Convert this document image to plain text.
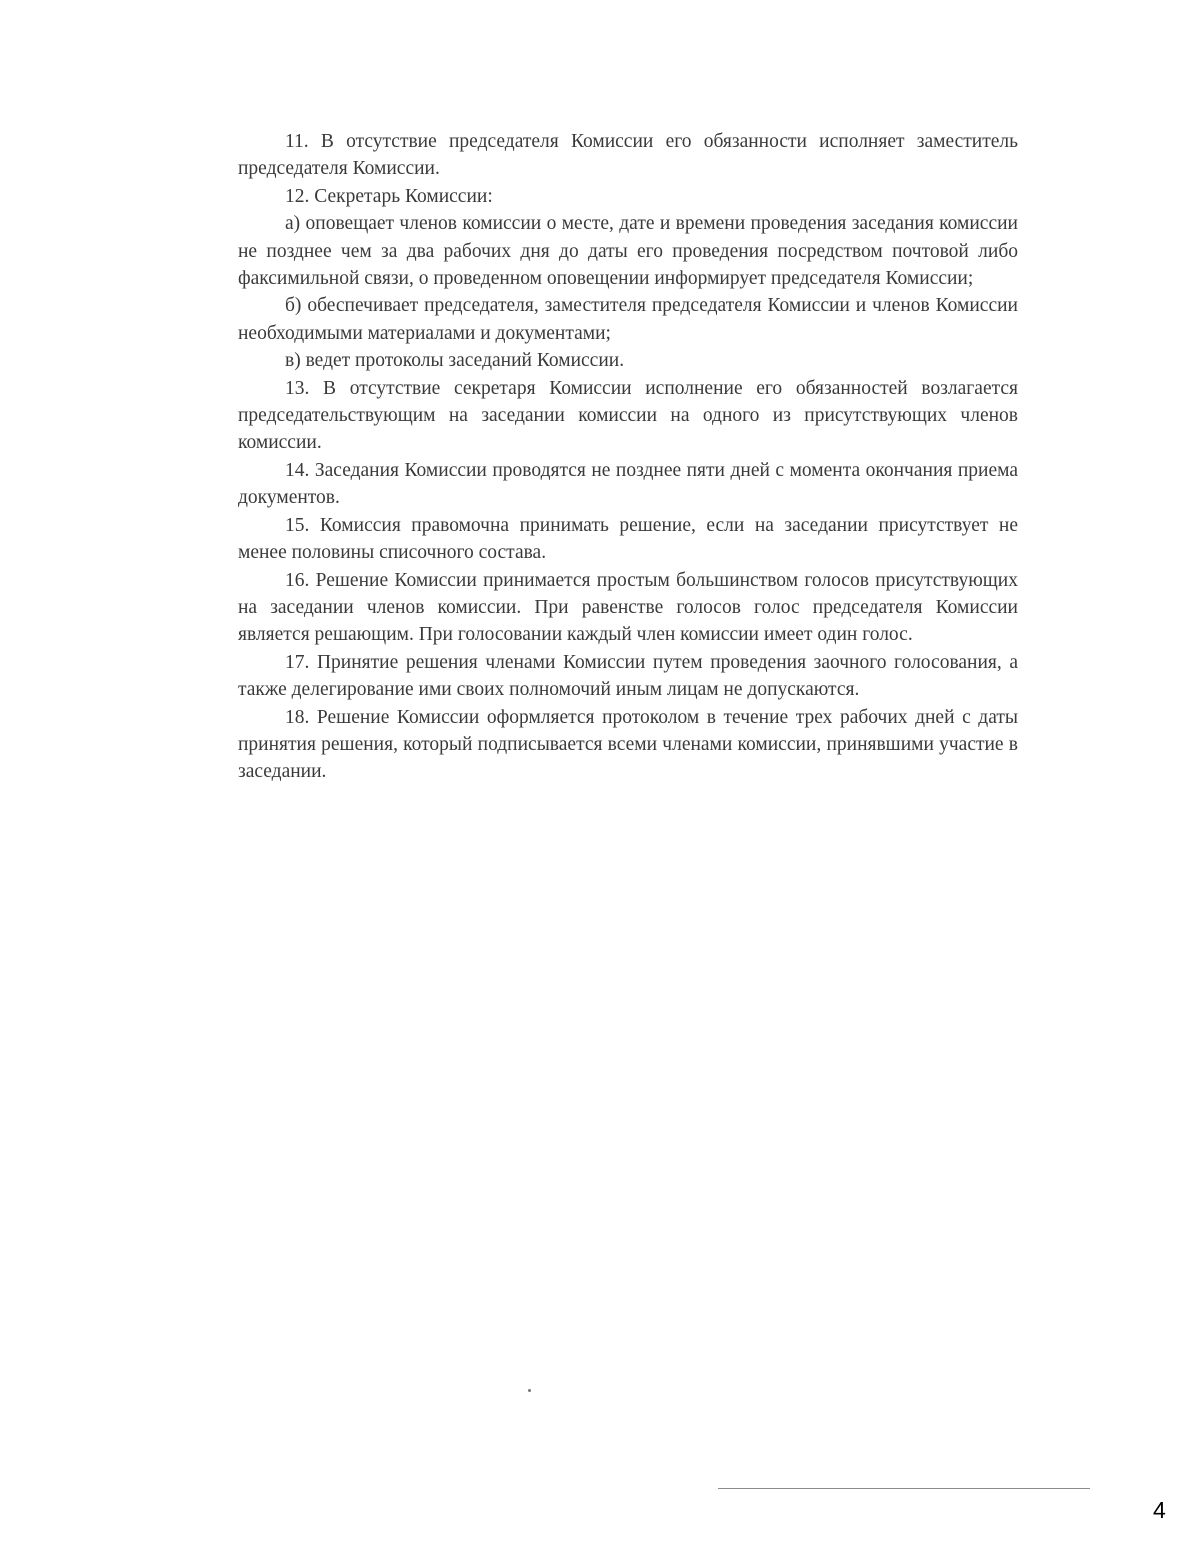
11. В отсутствие председателя Комиссии его обязанности исполняет заместитель председателя Комиссии.

12. Секретарь Комиссии:

а) оповещает членов комиссии о месте, дате и времени проведения заседания комиссии не позднее чем за два рабочих дня до даты его проведения посредством почтовой либо факсимильной связи, о проведенном оповещении информирует председателя Комиссии;

б) обеспечивает председателя, заместителя председателя Комиссии и членов Комиссии необходимыми материалами и документами;

в) ведет протоколы заседаний Комиссии.

13. В отсутствие секретаря Комиссии исполнение его обязанностей возлагается председательствующим на заседании комиссии на одного из присутствующих членов комиссии.

14. Заседания Комиссии проводятся не позднее пяти дней с момента окончания приема документов.

15. Комиссия правомочна принимать решение, если на заседании присутствует не менее половины списочного состава.

16. Решение Комиссии принимается простым большинством голосов присутствующих на заседании членов комиссии. При равенстве голосов голос председателя Комиссии является решающим. При голосовании каждый член комиссии имеет один голос.

17. Принятие решения членами Комиссии путем проведения заочного голосования, а также делегирование ими своих полномочий иным лицам не допускаются.

18. Решение Комиссии оформляется протоколом в течение трех рабочих дней с даты принятия решения, который подписывается всеми членами комиссии, принявшими участие в заседании.

4
